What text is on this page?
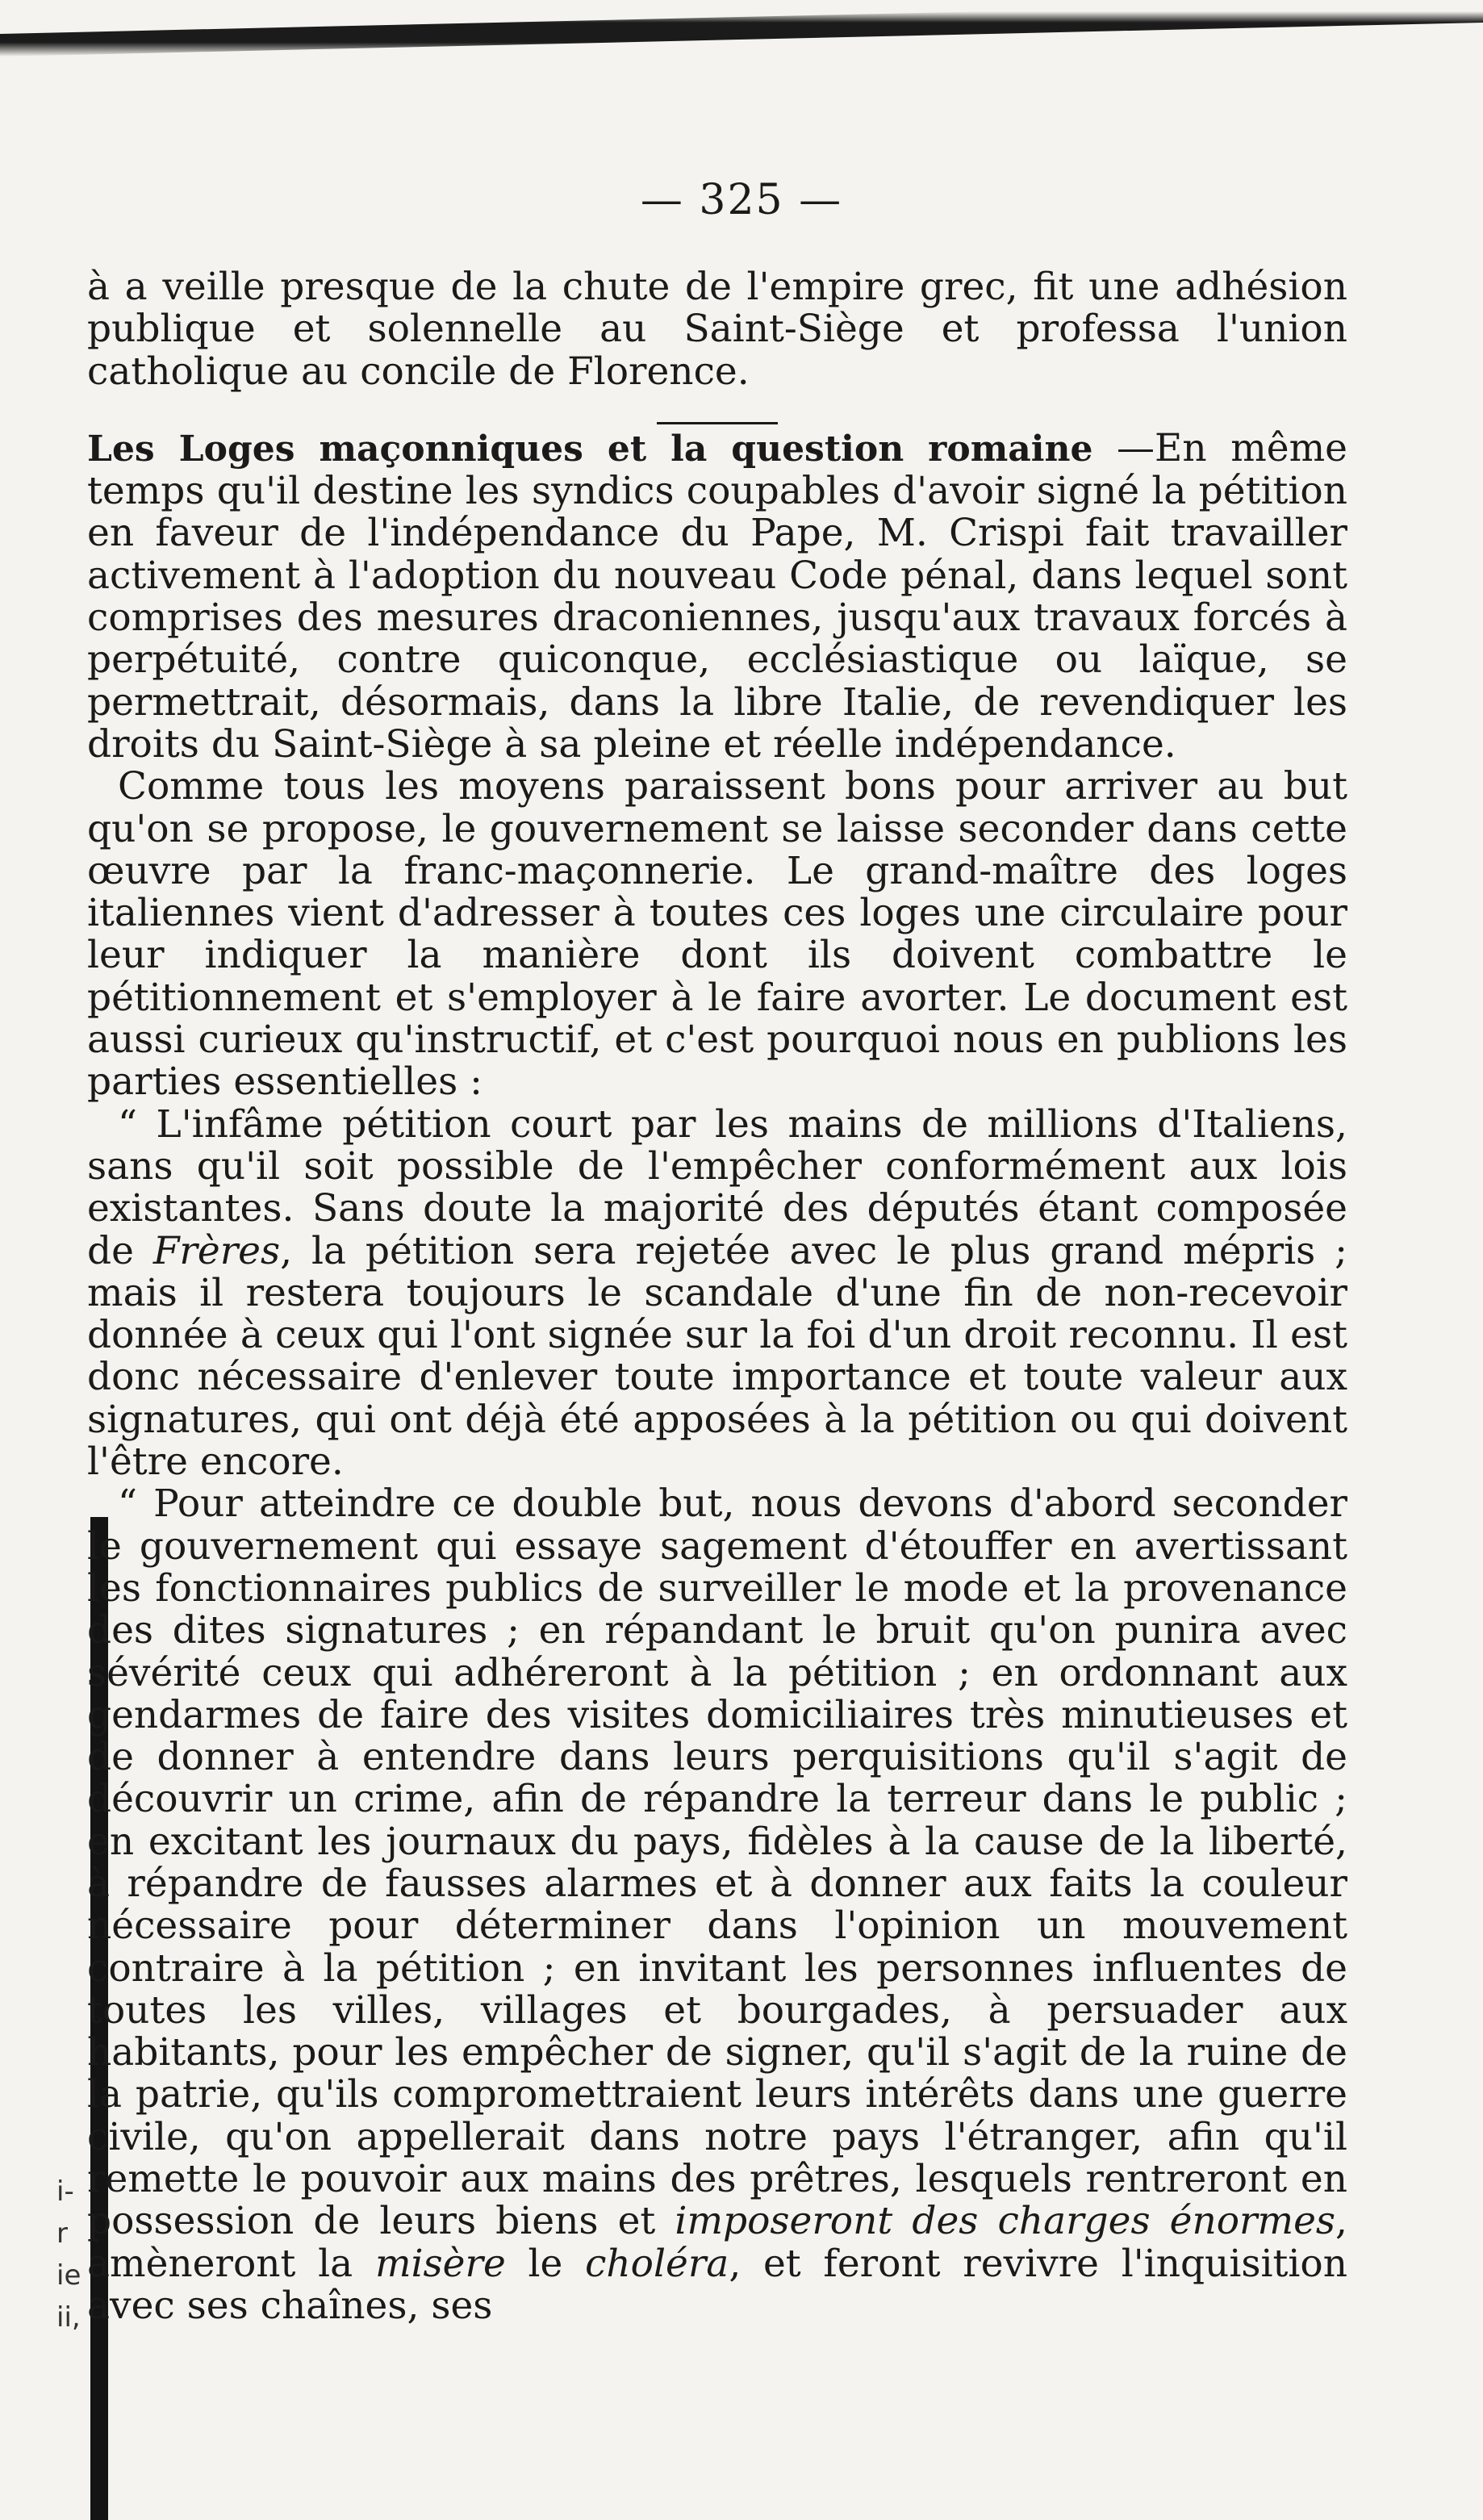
i-
r
ie
ii,
— 325 —

à a veille presque de la chute de l'empire grec, fit une adhésion publique et solennelle au Saint-Siège et professa l'union catholique au concile de Florence.

Les Loges maçonniques et la question romaine —En même temps qu'il destine les syndics coupables d'avoir signé la pétition en faveur de l'indépendance du Pape, M. Crispi fait travailler activement à l'adoption du nouveau Code pénal, dans lequel sont comprises des mesures draconiennes, jusqu'aux travaux forcés à perpétuité, contre quiconque, ecclésiastique ou laïque, se permettrait, désormais, dans la libre Italie, de revendiquer les droits du Saint-Siège à sa pleine et réelle indépendance.

Comme tous les moyens paraissent bons pour arriver au but qu'on se propose, le gouvernement se laisse seconder dans cette œuvre par la franc-maçonnerie. Le grand-maître des loges italiennes vient d'adresser à toutes ces loges une circulaire pour leur indiquer la manière dont ils doivent combattre le pétitionnement et s'employer à le faire avorter. Le document est aussi curieux qu'instructif, et c'est pourquoi nous en publions les parties essentielles :

“ L'infâme pétition court par les mains de millions d'Italiens, sans qu'il soit possible de l'empêcher conformément aux lois existantes. Sans doute la majorité des députés étant composée de Frères, la pétition sera rejetée avec le plus grand mépris ; mais il restera toujours le scandale d'une fin de non-recevoir donnée à ceux qui l'ont signée sur la foi d'un droit reconnu. Il est donc nécessaire d'enlever toute importance et toute valeur aux signatures, qui ont déjà été apposées à la pétition ou qui doivent l'être encore.

“ Pour atteindre ce double but, nous devons d'abord seconder le gouvernement qui essaye sagement d'étouffer en avertissant les fonctionnaires publics de surveiller le mode et la provenance des dites signatures ; en répandant le bruit qu'on punira avec sévérité ceux qui adhéreront à la pétition ; en ordonnant aux gendarmes de faire des visites domiciliaires très minutieuses et de donner à entendre dans leurs perquisitions qu'il s'agit de découvrir un crime, afin de répandre la terreur dans le public ; en excitant les journaux du pays, fidèles à la cause de la liberté, à répandre de fausses alarmes et à donner aux faits la couleur nécessaire pour déterminer dans l'opinion un mouvement contraire à la pétition ; en invitant les personnes influentes de toutes les villes, villages et bourgades, à persuader aux habitants, pour les empêcher de signer, qu'il s'agit de la ruine de la patrie, qu'ils compromettraient leurs intérêts dans une guerre civile, qu'on appellerait dans notre pays l'étranger, afin qu'il remette le pouvoir aux mains des prêtres, lesquels rentreront en possession de leurs biens et imposeront des charges énormes, amèneront la misère le choléra, et feront revivre l'inquisition avec ses chaînes, ses
